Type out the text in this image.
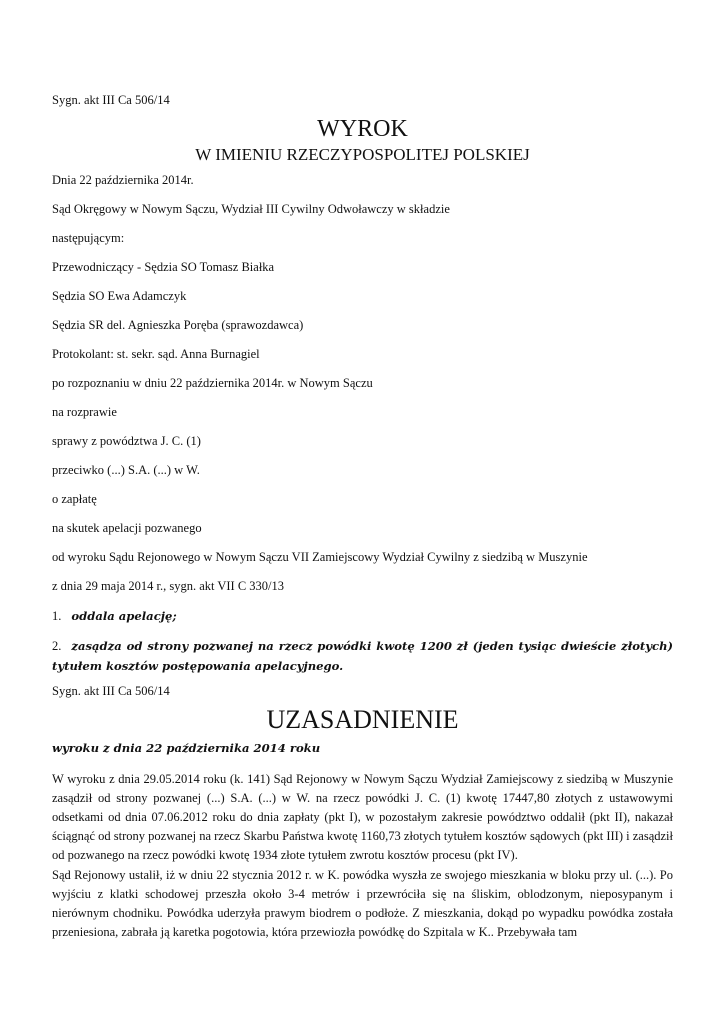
Sygn. akt III Ca 506/14
WYROK
W IMIENIU RZECZYPOSPOLITEJ POLSKIEJ
Dnia 22 października 2014r.
Sąd Okręgowy w Nowym Sączu, Wydział III Cywilny Odwoławczy w składzie
następującym:
Przewodniczący - Sędzia SO Tomasz Białka
Sędzia SO Ewa Adamczyk
Sędzia SR del. Agnieszka Poręba (sprawozdawca)
Protokolant: st. sekr. sąd. Anna Burnagiel
po rozpoznaniu w dniu 22 października 2014r. w Nowym Sączu
na rozprawie
sprawy z powództwa J. C. (1)
przeciwko (...) S.A. (...) w W.
o zapłatę
na skutek apelacji pozwanego
od wyroku Sądu Rejonowego w Nowym Sączu VII Zamiejscowy Wydział Cywilny z siedzibą w Muszynie
z dnia 29 maja 2014 r., sygn. akt VII C 330/13
1. oddala apelację;
2. zasądza od strony pozwanej na rzecz powódki kwotę 1200 zł (jeden tysiąc dwieście złotych) tytułem kosztów postępowania apelacyjnego.
Sygn. akt III Ca 506/14
UZASADNIENIE
wyroku z dnia 22 października 2014 roku
W wyroku z dnia 29.05.2014 roku (k. 141) Sąd Rejonowy w Nowym Sączu Wydział Zamiejscowy z siedzibą w Muszynie zasądził od strony pozwanej (...) S.A. (...) w W. na rzecz powódki J. C. (1) kwotę 17447,80 złotych z ustawowymi odsetkami od dnia 07.06.2012 roku do dnia zapłaty (pkt I), w pozostałym zakresie powództwo oddalił (pkt II), nakazał ściągnąć od strony pozwanej na rzecz Skarbu Państwa kwotę 1160,73 złotych tytułem kosztów sądowych (pkt III) i zasądził od pozwanego na rzecz powódki kwotę 1934 złote tytułem zwrotu kosztów procesu (pkt IV).
Sąd Rejonowy ustalił, iż w dniu 22 stycznia 2012 r. w K. powódka wyszła ze swojego mieszkania w bloku przy ul. (...). Po wyjściu z klatki schodowej przeszła około 3-4 metrów i przewróciła się na śliskim, oblodzonym, nieposypanym i nierównym chodniku. Powódka uderzyła prawym biodrem o podłoże. Z mieszkania, dokąd po wypadku powódka została przeniesiona, zabrała ją karetka pogotowia, która przewiozła powódkę do Szpitala w K.. Przebywała tam
